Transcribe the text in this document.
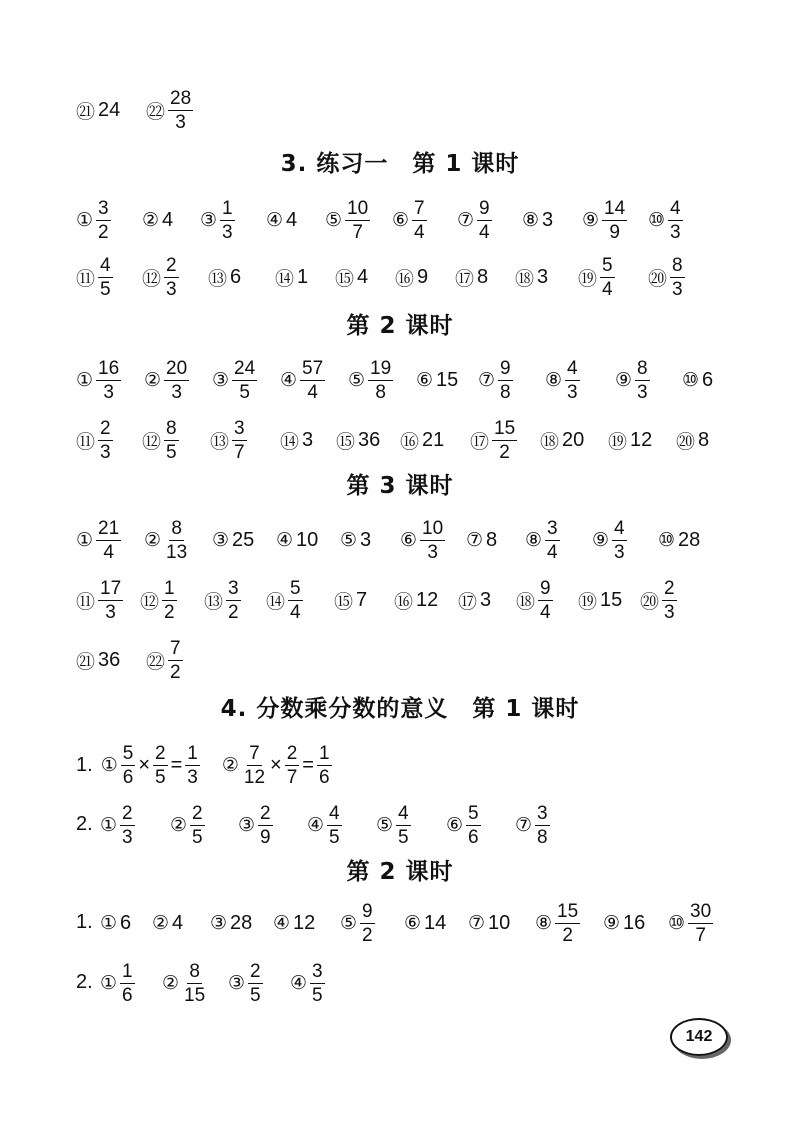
3. 练习一　第 1 课时
第 2 课时
第 3 课时
4. 分数乘分数的意义　第 1 课时
第 2 课时
㉑ 24 ㉒ $\frac{28}{3}$
① $\frac{3}{2}$ ② 4 ③ $\frac{1}{3}$ ④ 4 ⑤ $\frac{10}{7}$ ⑥ $\frac{7}{4}$ ⑦ $\frac{9}{4}$ ⑧ 3 ⑨ $\frac{14}{9}$ ⑩ $\frac{4}{3}$
⑪ $\frac{4}{5}$ ⑫ $\frac{2}{3}$ ⑬ 6 ⑭ 1 ⑮ 4 ⑯ 9 ⑰ 8 ⑱ 3 ⑲ $\frac{5}{4}$ ⑳ $\frac{8}{3}$
① $\frac{16}{3}$ ② $\frac{20}{3}$ ③ $\frac{24}{5}$ ④ $\frac{57}{4}$ ⑤ $\frac{19}{8}$ ⑥ 15 ⑦ $\frac{9}{8}$ ⑧ $\frac{4}{3}$ ⑨ $\frac{8}{3}$ ⑩ 6
⑪ $\frac{2}{3}$ ⑫ $\frac{8}{5}$ ⑬ $\frac{3}{7}$ ⑭ 3 ⑮ 36 ⑯ 21 ⑰ $\frac{15}{2}$ ⑱ 20 ⑲ 12 ⑳ 8
① $\frac{21}{4}$ ② $\frac{8}{13}$ ③ 25 ④ 10 ⑤ 3 ⑥ $\frac{10}{3}$ ⑦ 8 ⑧ $\frac{3}{4}$ ⑨ $\frac{4}{3}$ ⑩ 28
⑪ $\frac{17}{3}$ ⑫ $\frac{1}{2}$ ⑬ $\frac{3}{2}$ ⑭ $\frac{5}{4}$ ⑮ 7 ⑯ 12 ⑰ 3 ⑱ $\frac{9}{4}$ ⑲ 15 ⑳ $\frac{2}{3}$
㉑ 36 ㉒ $\frac{7}{2}$
2. ① $\frac{2}{3}$ ② $\frac{2}{5}$ ③ $\frac{2}{9}$ ④ $\frac{4}{5}$ ⑤ $\frac{4}{5}$ ⑥ $\frac{5}{6}$ ⑦ $\frac{3}{8}$
1. ① 6 ② 4 ③ 28 ④ 12 ⑤ $\frac{9}{2}$ ⑥ 14 ⑦ 10 ⑧ $\frac{15}{2}$ ⑨ 16 ⑩ $\frac{30}{7}$
2. ① $\frac{1}{6}$ ② $\frac{8}{15}$ ③ $\frac{2}{5}$ ④ $\frac{3}{5}$
1. ① $\frac{5}{6} \times \frac{2}{5} = \frac{1}{3}$ ② $\frac{7}{12} \times \frac{2}{7} = \frac{1}{6}$
142
